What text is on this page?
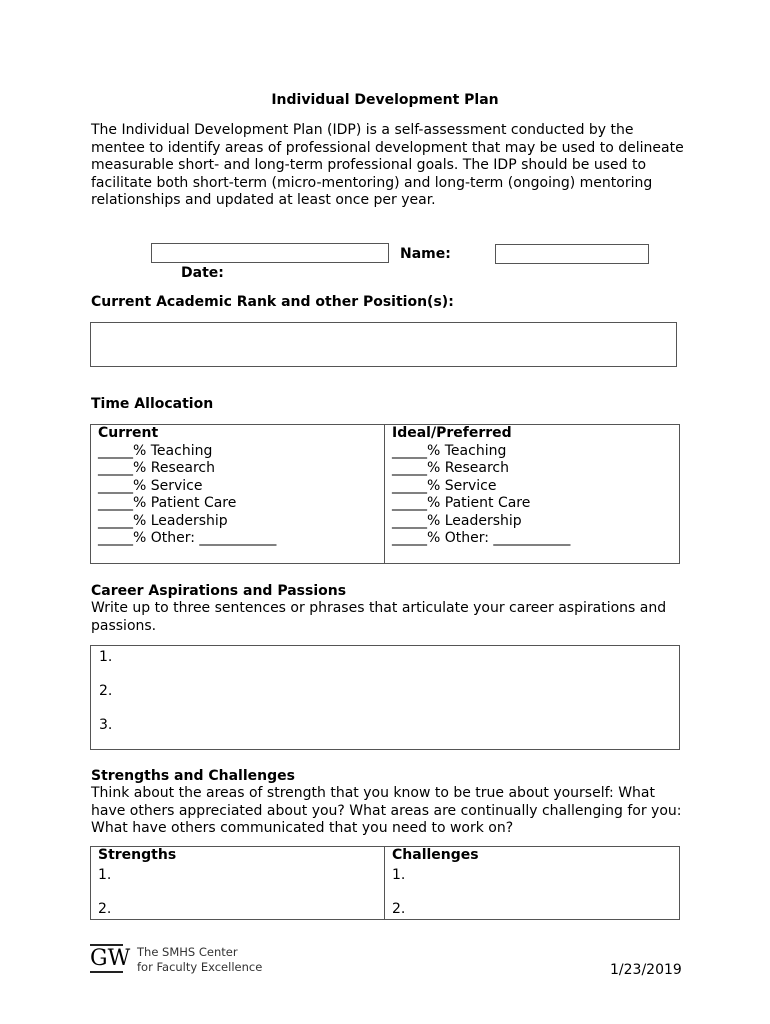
Individual Development Plan
The Individual Development Plan (IDP) is a self-assessment conducted by the mentee to identify areas of professional development that may be used to delineate measurable short- and long-term professional goals. The IDP should be used to facilitate both short-term (micro-mentoring) and long-term (ongoing) mentoring relationships and updated at least once per year.
Name:
Date:
Current Academic Rank and other Position(s):
Time Allocation
Current
_____% Teaching
_____% Research
_____% Service
_____% Patient Care
_____% Leadership
_____% Other: ___________

Ideal/Preferred
_____% Teaching
_____% Research
_____% Service
_____% Patient Care
_____% Leadership
_____% Other: ___________
Career Aspirations and Passions
Write up to three sentences or phrases that articulate your career aspirations and passions.
1.
2.
3.
Strengths and Challenges
Think about the areas of strength that you know to be true about yourself: What have others appreciated about you? What areas are continually challenging for you: What have others communicated that you need to work on?
Strengths
1.
2.

Challenges
1.
2.
GW The SMHS Center
for Faculty Excellence	1/23/2019
